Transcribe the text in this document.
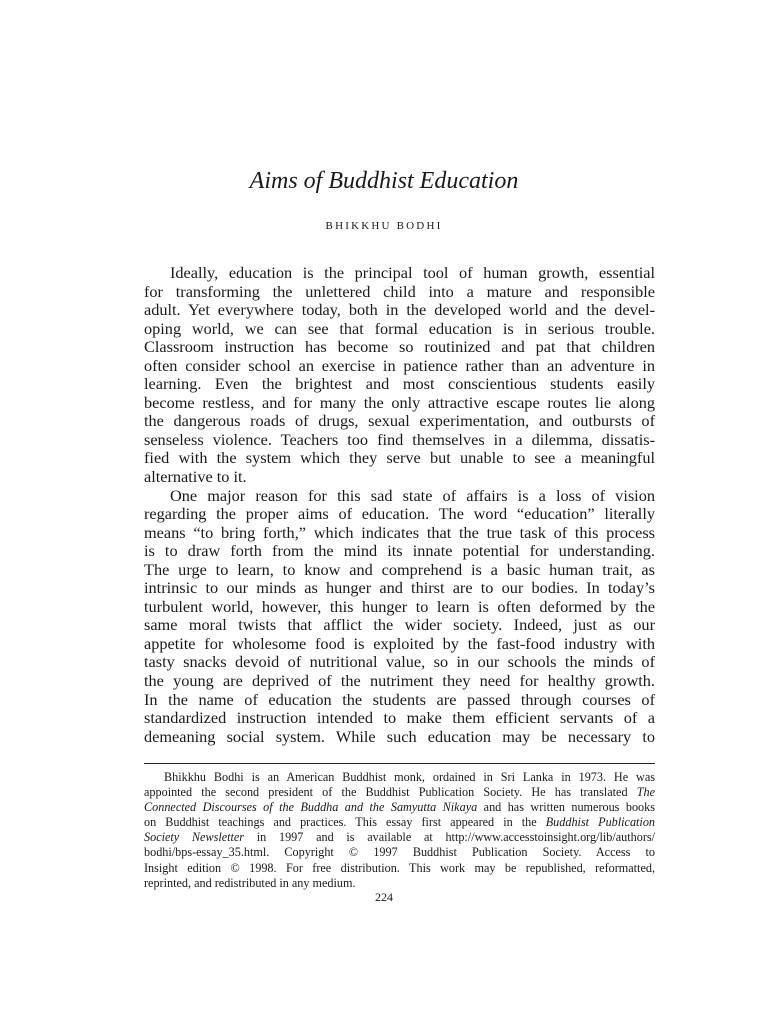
Aims of Buddhist Education
BHIKKHU BODHI
Ideally, education is the principal tool of human growth, essential
for transforming the unlettered child into a mature and responsible
adult. Yet everywhere today, both in the developed world and the devel-
oping world, we can see that formal education is in serious trouble.
Classroom instruction has become so routinized and pat that children
often consider school an exercise in patience rather than an adventure in
learning. Even the brightest and most conscientious students easily
become restless, and for many the only attractive escape routes lie along
the dangerous roads of drugs, sexual experimentation, and outbursts of
senseless violence. Teachers too find themselves in a dilemma, dissatis-
fied with the system which they serve but unable to see a meaningful
alternative to it.
One major reason for this sad state of affairs is a loss of vision
regarding the proper aims of education. The word “education” literally
means “to bring forth,” which indicates that the true task of this process
is to draw forth from the mind its innate potential for understanding.
The urge to learn, to know and comprehend is a basic human trait, as
intrinsic to our minds as hunger and thirst are to our bodies. In today’s
turbulent world, however, this hunger to learn is often deformed by the
same moral twists that afflict the wider society. Indeed, just as our
appetite for wholesome food is exploited by the fast-food industry with
tasty snacks devoid of nutritional value, so in our schools the minds of
the young are deprived of the nutriment they need for healthy growth.
In the name of education the students are passed through courses of
standardized instruction intended to make them efficient servants of a
demeaning social system. While such education may be necessary to
Bhikkhu Bodhi is an American Buddhist monk, ordained in Sri Lanka in 1973. He was
appointed the second president of the Buddhist Publication Society. He has translated The
Connected Discourses of the Buddha and the Samyutta Nikaya and has written numerous books
on Buddhist teachings and practices. This essay first appeared in the Buddhist Publication
Society Newsletter in 1997 and is available at http://www.accesstoinsight.org/lib/authors/
bodhi/bps-essay_35.html. Copyright © 1997 Buddhist Publication Society. Access to
Insight edition © 1998. For free distribution. This work may be republished, reformatted,
reprinted, and redistributed in any medium.
224
